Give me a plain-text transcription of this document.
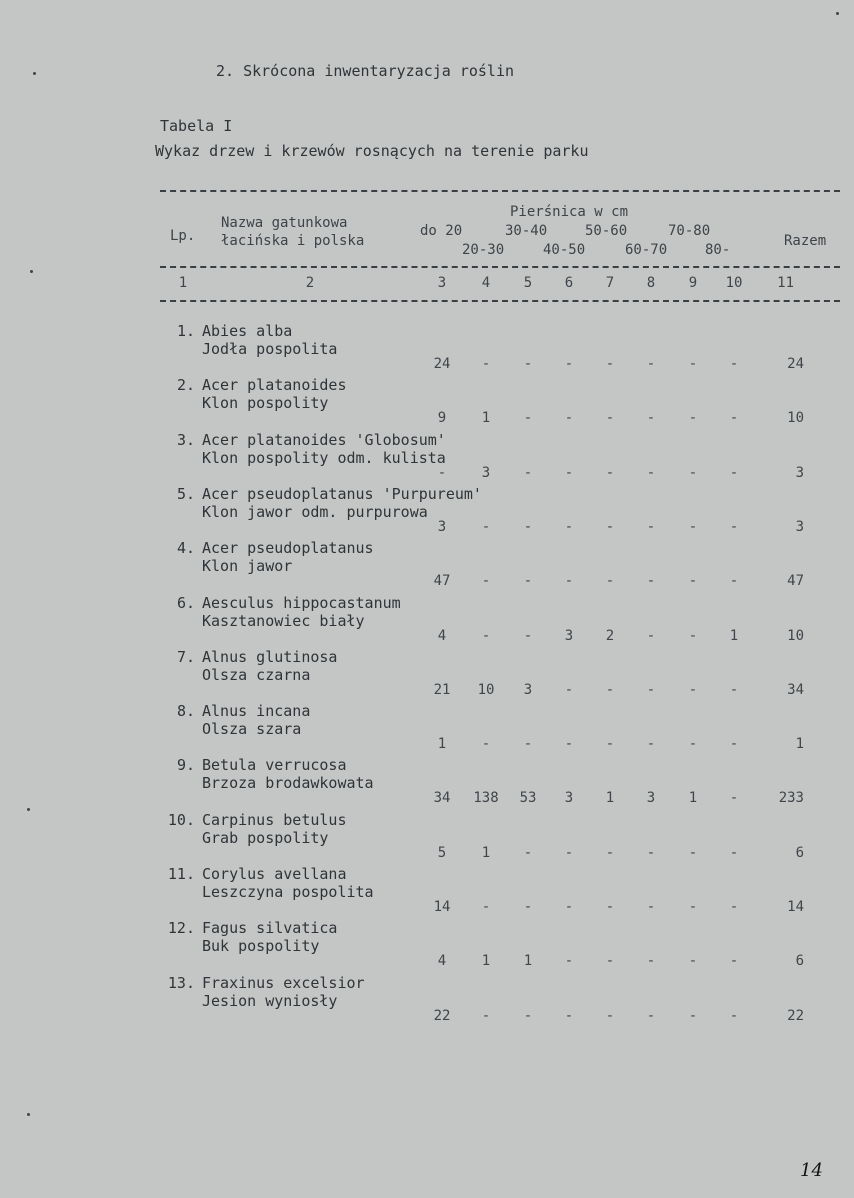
2. Skrócona inwentaryzacja roślin
Tabela I
Wykaz drzew i krzewów rosnących na terenie parku
Lp.
Nazwa gatunkowa
łacińska i polska
Pierśnica w cm
do 20	30-40	50-60	70-80
20-30	40-50	60-70	80-
Razem
1	2	3	4	5	6	7	8	9	10	11
1. Abies alba
Jodła pospolita
24	-	-	-	-	-	-	-	24
2. Acer platanoides
Klon pospolity
9	1	-	-	-	-	-	-	10
3. Acer platanoides 'Globosum'
Klon pospolity odm. kulista
-	3	-	-	-	-	-	-	3
5. Acer pseudoplatanus 'Purpureum'
Klon jawor odm. purpurowa
3	-	-	-	-	-	-	-	3
4. Acer pseudoplatanus
Klon jawor
47	-	-	-	-	-	-	-	47
6. Aesculus hippocastanum
Kasztanowiec biały
4	-	-	3	2	-	-	1	10
7. Alnus glutinosa
Olsza czarna
21	10	3	-	-	-	-	-	34
8. Alnus incana
Olsza szara
1	-	-	-	-	-	-	-	1
9. Betula verrucosa
Brzoza brodawkowata
34	138	53	3	1	3	1	-	233
10. Carpinus betulus
Grab pospolity
5	1	-	-	-	-	-	-	6
11. Corylus avellana
Leszczyna pospolita
14	-	-	-	-	-	-	-	14
12. Fagus silvatica
Buk pospolity
4	1	1	-	-	-	-	-	6
13. Fraxinus excelsior
Jesion wyniosły
22	-	-	-	-	-	-	-	22
14
